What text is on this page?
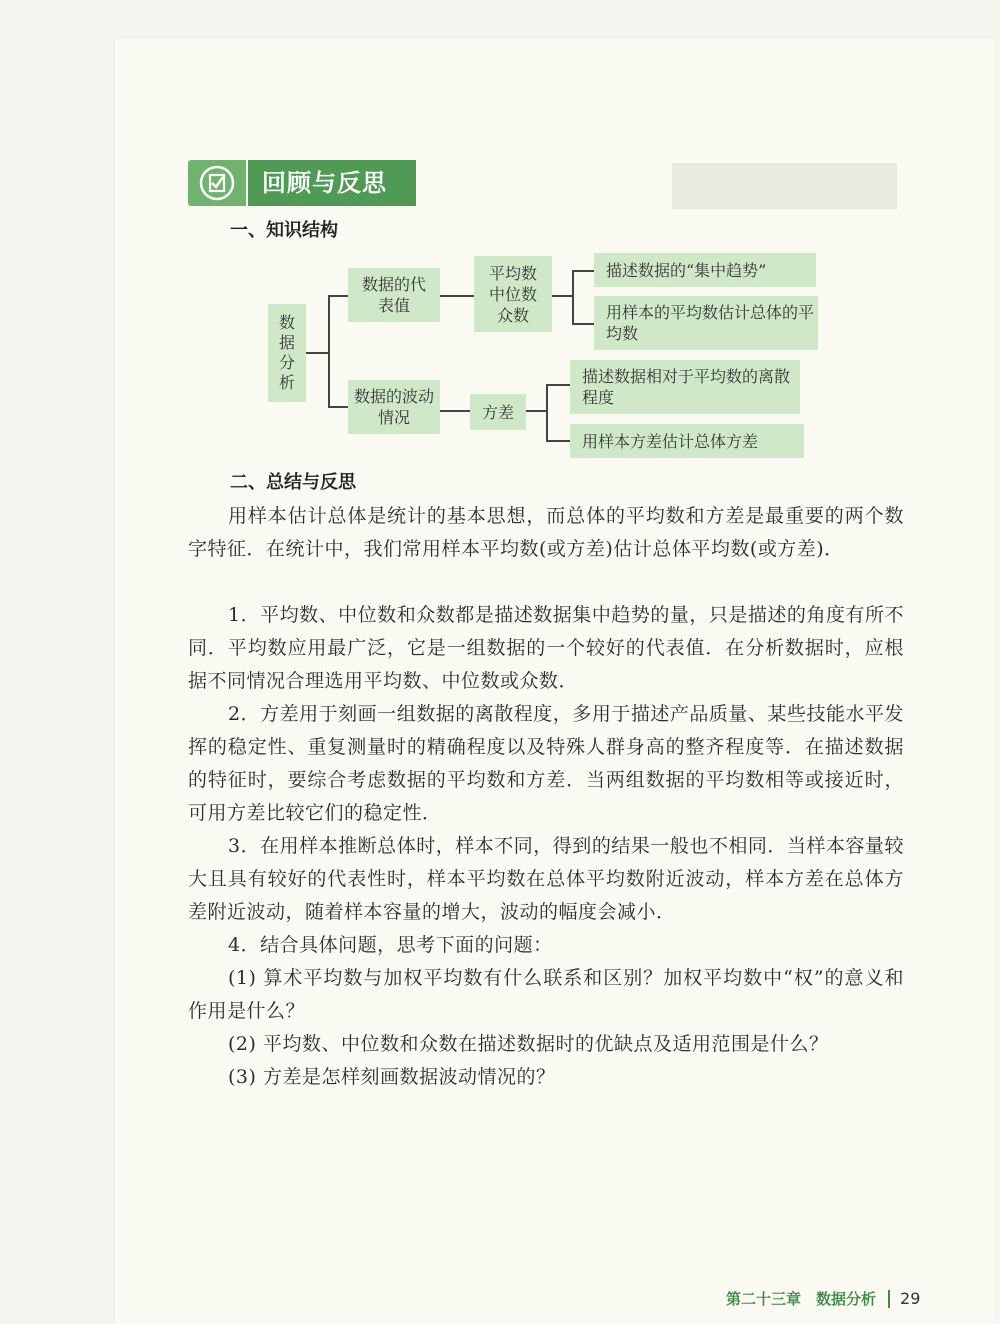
回顾与反思
一、知识结构
数据分析
数据的代表值
平均数中位数众数
描述数据的“集中趋势”
用样本的平均数估计总体的平均数
数据的波动情况	方差
描述数据相对于平均数的离散程度
用样本方差估计总体方差
二、总结与反思

用样本估计总体是统计的基本思想，而总体的平均数和方差是最重要的两个数字特征．在统计中，我们常用样本平均数(或方差)估计总体平均数(或方差)．

1．平均数、中位数和众数都是描述数据集中趋势的量，只是描述的角度有所不同．平均数应用最广泛，它是一组数据的一个较好的代表值．在分析数据时，应根据不同情况合理选用平均数、中位数或众数．

2．方差用于刻画一组数据的离散程度，多用于描述产品质量、某些技能水平发挥的稳定性、重复测量时的精确程度以及特殊人群身高的整齐程度等．在描述数据的特征时，要综合考虑数据的平均数和方差．当两组数据的平均数相等或接近时，可用方差比较它们的稳定性．

3．在用样本推断总体时，样本不同，得到的结果一般也不相同．当样本容量较大且具有较好的代表性时，样本平均数在总体平均数附近波动，样本方差在总体方差附近波动，随着样本容量的增大，波动的幅度会减小．

4．结合具体问题，思考下面的问题：

(1) 算术平均数与加权平均数有什么联系和区别？加权平均数中“权”的意义和作用是什么？

(2) 平均数、中位数和众数在描述数据时的优缺点及适用范围是什么？

(3) 方差是怎样刻画数据波动情况的？

第二十三章　数据分析 29
